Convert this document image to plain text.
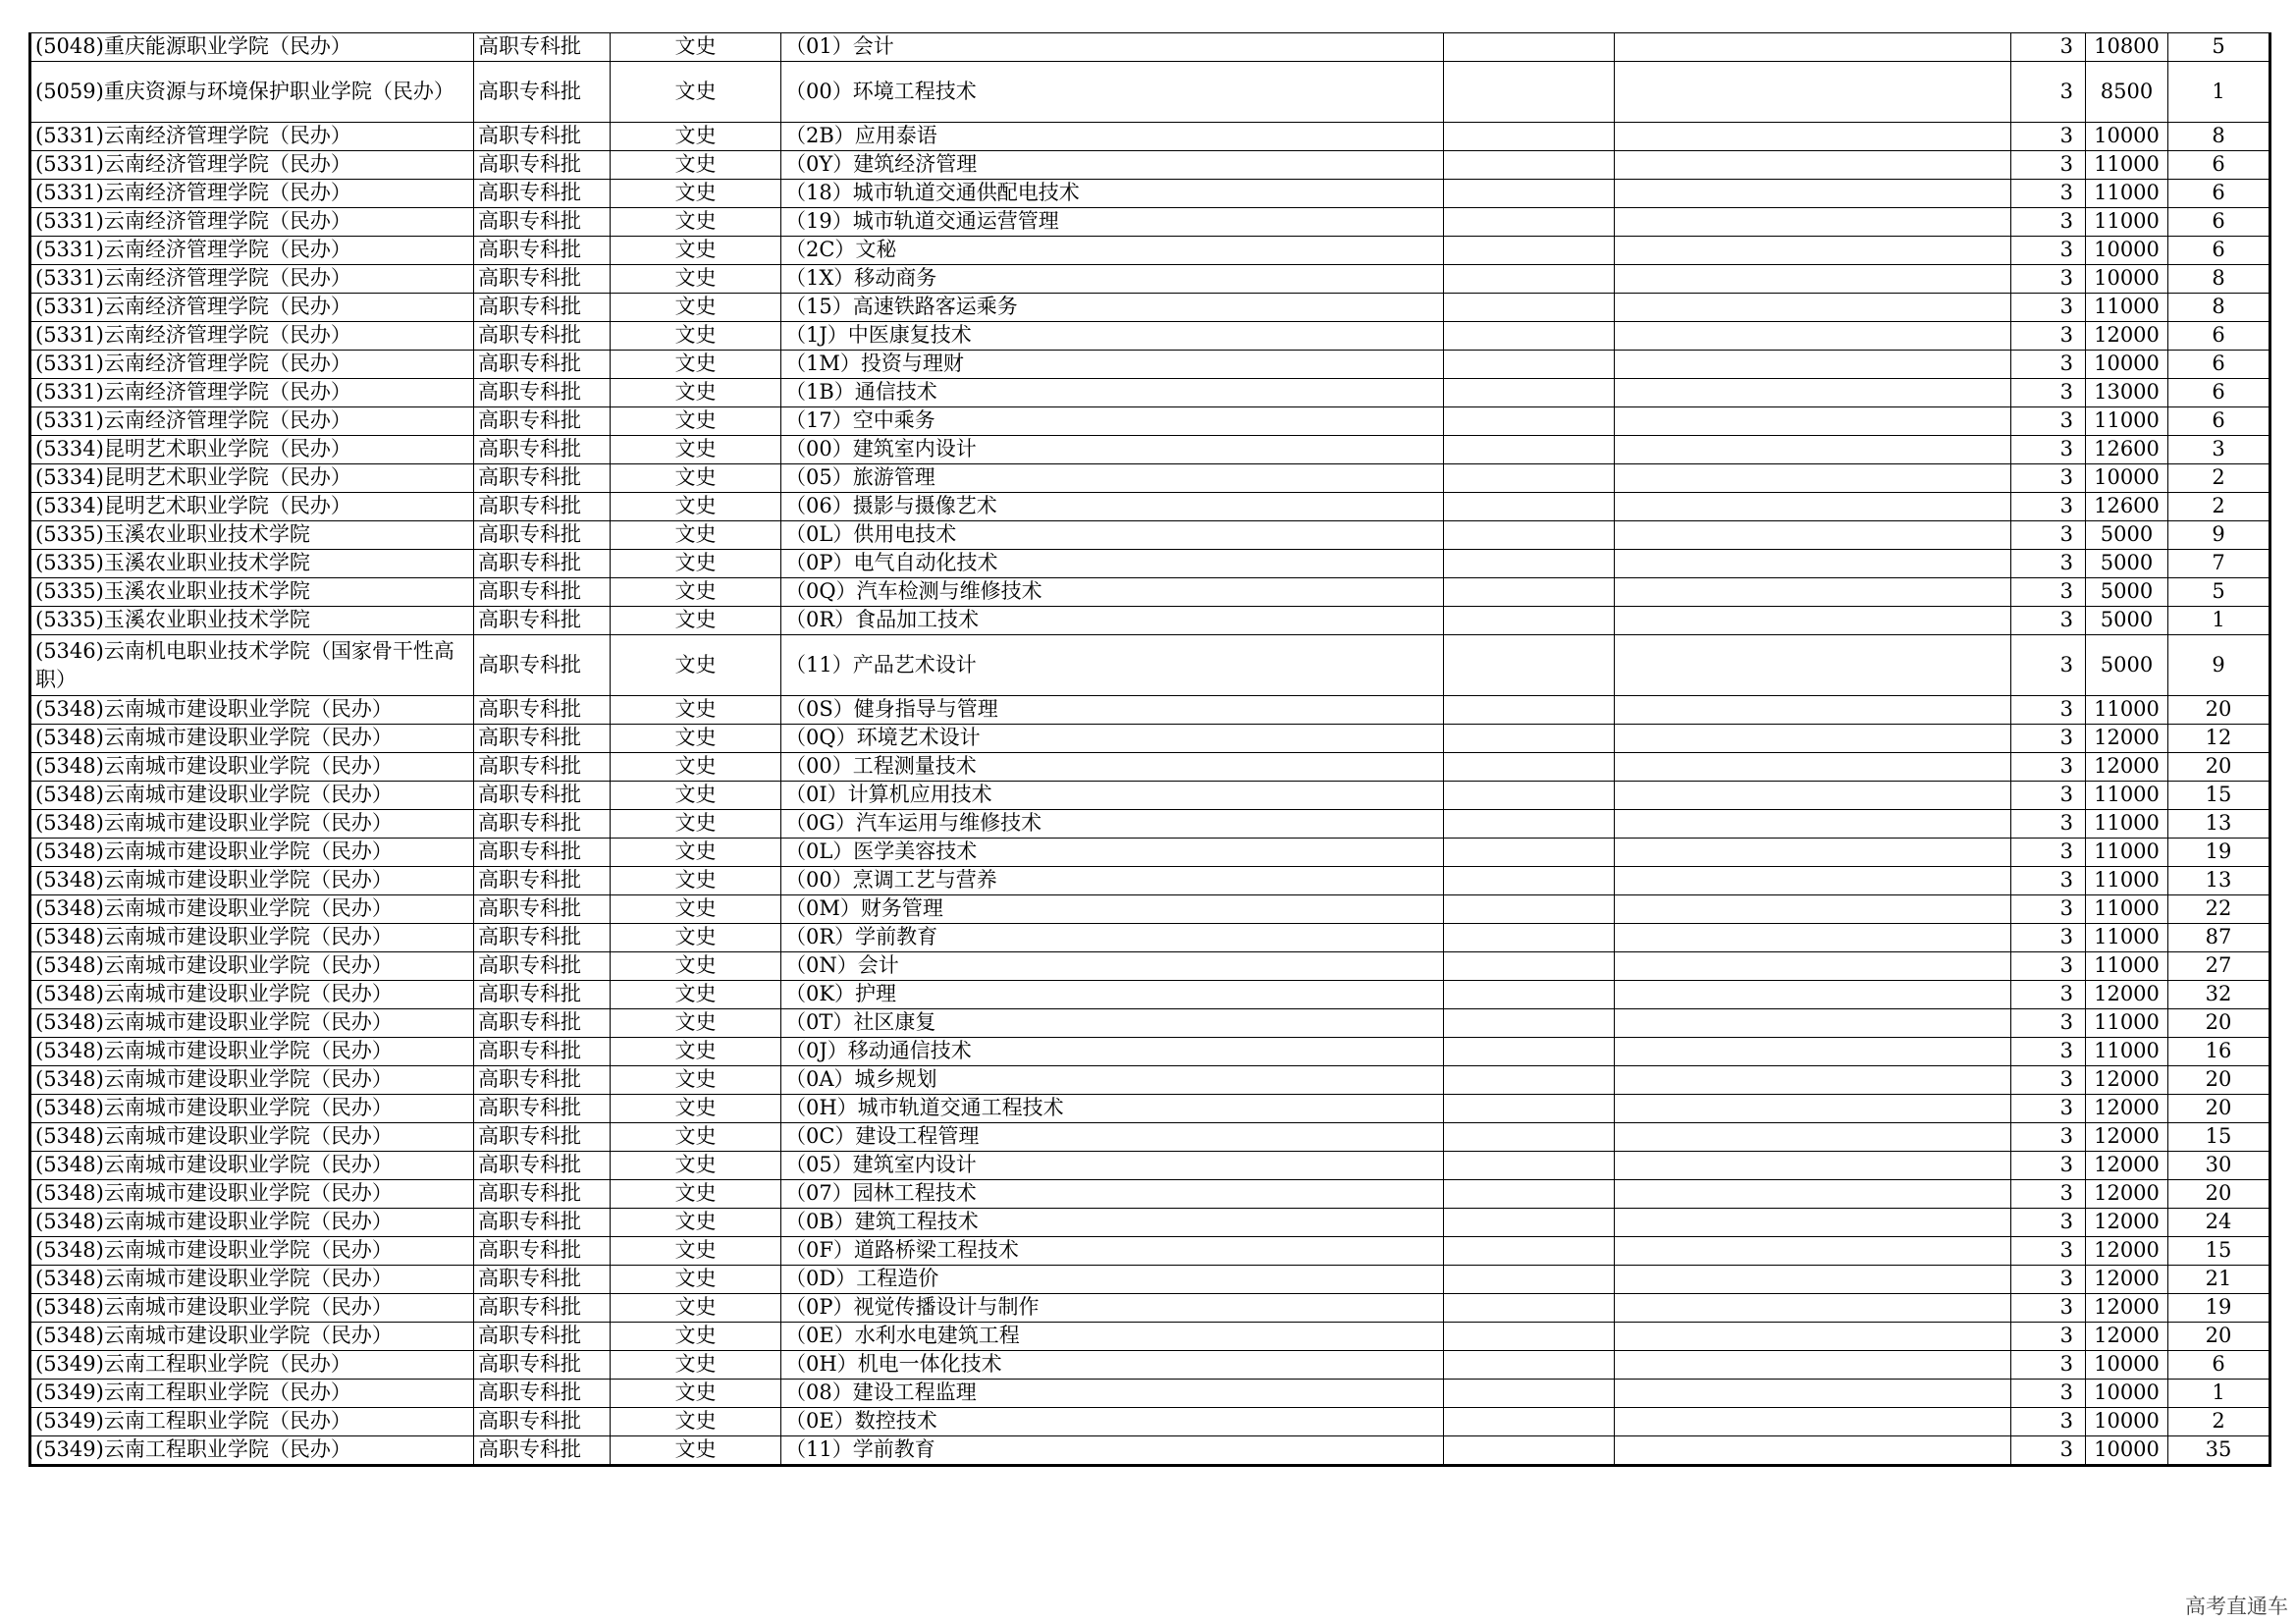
(5048)重庆能源职业学院（民办）	高职专科批	文史	（01）会计			3	10800	5
(5059)重庆资源与环境保护职业学院（民办）	高职专科批	文史	（00）环境工程技术			3	8500	1
(5331)云南经济管理学院（民办）	高职专科批	文史	（2B）应用泰语			3	10000	8
(5331)云南经济管理学院（民办）	高职专科批	文史	（0Y）建筑经济管理			3	11000	6
(5331)云南经济管理学院（民办）	高职专科批	文史	（18）城市轨道交通供配电技术			3	11000	6
(5331)云南经济管理学院（民办）	高职专科批	文史	（19）城市轨道交通运营管理			3	11000	6
(5331)云南经济管理学院（民办）	高职专科批	文史	（2C）文秘			3	10000	6
(5331)云南经济管理学院（民办）	高职专科批	文史	（1X）移动商务			3	10000	8
(5331)云南经济管理学院（民办）	高职专科批	文史	（15）高速铁路客运乘务			3	11000	8
(5331)云南经济管理学院（民办）	高职专科批	文史	（1J）中医康复技术			3	12000	6
(5331)云南经济管理学院（民办）	高职专科批	文史	（1M）投资与理财			3	10000	6
(5331)云南经济管理学院（民办）	高职专科批	文史	（1B）通信技术			3	13000	6
(5331)云南经济管理学院（民办）	高职专科批	文史	（17）空中乘务			3	11000	6
(5334)昆明艺术职业学院（民办）	高职专科批	文史	（00）建筑室内设计			3	12600	3
(5334)昆明艺术职业学院（民办）	高职专科批	文史	（05）旅游管理			3	10000	2
(5334)昆明艺术职业学院（民办）	高职专科批	文史	（06）摄影与摄像艺术			3	12600	2
(5335)玉溪农业职业技术学院	高职专科批	文史	（0L）供用电技术			3	5000	9
(5335)玉溪农业职业技术学院	高职专科批	文史	（0P）电气自动化技术			3	5000	7
(5335)玉溪农业职业技术学院	高职专科批	文史	（0Q）汽车检测与维修技术			3	5000	5
(5335)玉溪农业职业技术学院	高职专科批	文史	（0R）食品加工技术			3	5000	1
(5346)云南机电职业技术学院（国家骨干性高职）	高职专科批	文史	（11）产品艺术设计			3	5000	9
(5348)云南城市建设职业学院（民办）	高职专科批	文史	（0S）健身指导与管理			3	11000	20
(5348)云南城市建设职业学院（民办）	高职专科批	文史	（0Q）环境艺术设计			3	12000	12
(5348)云南城市建设职业学院（民办）	高职专科批	文史	（00）工程测量技术			3	12000	20
(5348)云南城市建设职业学院（民办）	高职专科批	文史	（0I）计算机应用技术			3	11000	15
(5348)云南城市建设职业学院（民办）	高职专科批	文史	（0G）汽车运用与维修技术			3	11000	13
(5348)云南城市建设职业学院（民办）	高职专科批	文史	（0L）医学美容技术			3	11000	19
(5348)云南城市建设职业学院（民办）	高职专科批	文史	（00）烹调工艺与营养			3	11000	13
(5348)云南城市建设职业学院（民办）	高职专科批	文史	（0M）财务管理			3	11000	22
(5348)云南城市建设职业学院（民办）	高职专科批	文史	（0R）学前教育			3	11000	87
(5348)云南城市建设职业学院（民办）	高职专科批	文史	（0N）会计			3	11000	27
(5348)云南城市建设职业学院（民办）	高职专科批	文史	（0K）护理			3	12000	32
(5348)云南城市建设职业学院（民办）	高职专科批	文史	（0T）社区康复			3	11000	20
(5348)云南城市建设职业学院（民办）	高职专科批	文史	（0J）移动通信技术			3	11000	16
(5348)云南城市建设职业学院（民办）	高职专科批	文史	（0A）城乡规划			3	12000	20
(5348)云南城市建设职业学院（民办）	高职专科批	文史	（0H）城市轨道交通工程技术			3	12000	20
(5348)云南城市建设职业学院（民办）	高职专科批	文史	（0C）建设工程管理			3	12000	15
(5348)云南城市建设职业学院（民办）	高职专科批	文史	（05）建筑室内设计			3	12000	30
(5348)云南城市建设职业学院（民办）	高职专科批	文史	（07）园林工程技术			3	12000	20
(5348)云南城市建设职业学院（民办）	高职专科批	文史	（0B）建筑工程技术			3	12000	24
(5348)云南城市建设职业学院（民办）	高职专科批	文史	（0F）道路桥梁工程技术			3	12000	15
(5348)云南城市建设职业学院（民办）	高职专科批	文史	（0D）工程造价			3	12000	21
(5348)云南城市建设职业学院（民办）	高职专科批	文史	（0P）视觉传播设计与制作			3	12000	19
(5348)云南城市建设职业学院（民办）	高职专科批	文史	（0E）水利水电建筑工程			3	12000	20
(5349)云南工程职业学院（民办）	高职专科批	文史	（0H）机电一体化技术			3	10000	6
(5349)云南工程职业学院（民办）	高职专科批	文史	（08）建设工程监理			3	10000	1
(5349)云南工程职业学院（民办）	高职专科批	文史	（0E）数控技术			3	10000	2
(5349)云南工程职业学院（民办）	高职专科批	文史	（11）学前教育			3	10000	35
高考直通车
